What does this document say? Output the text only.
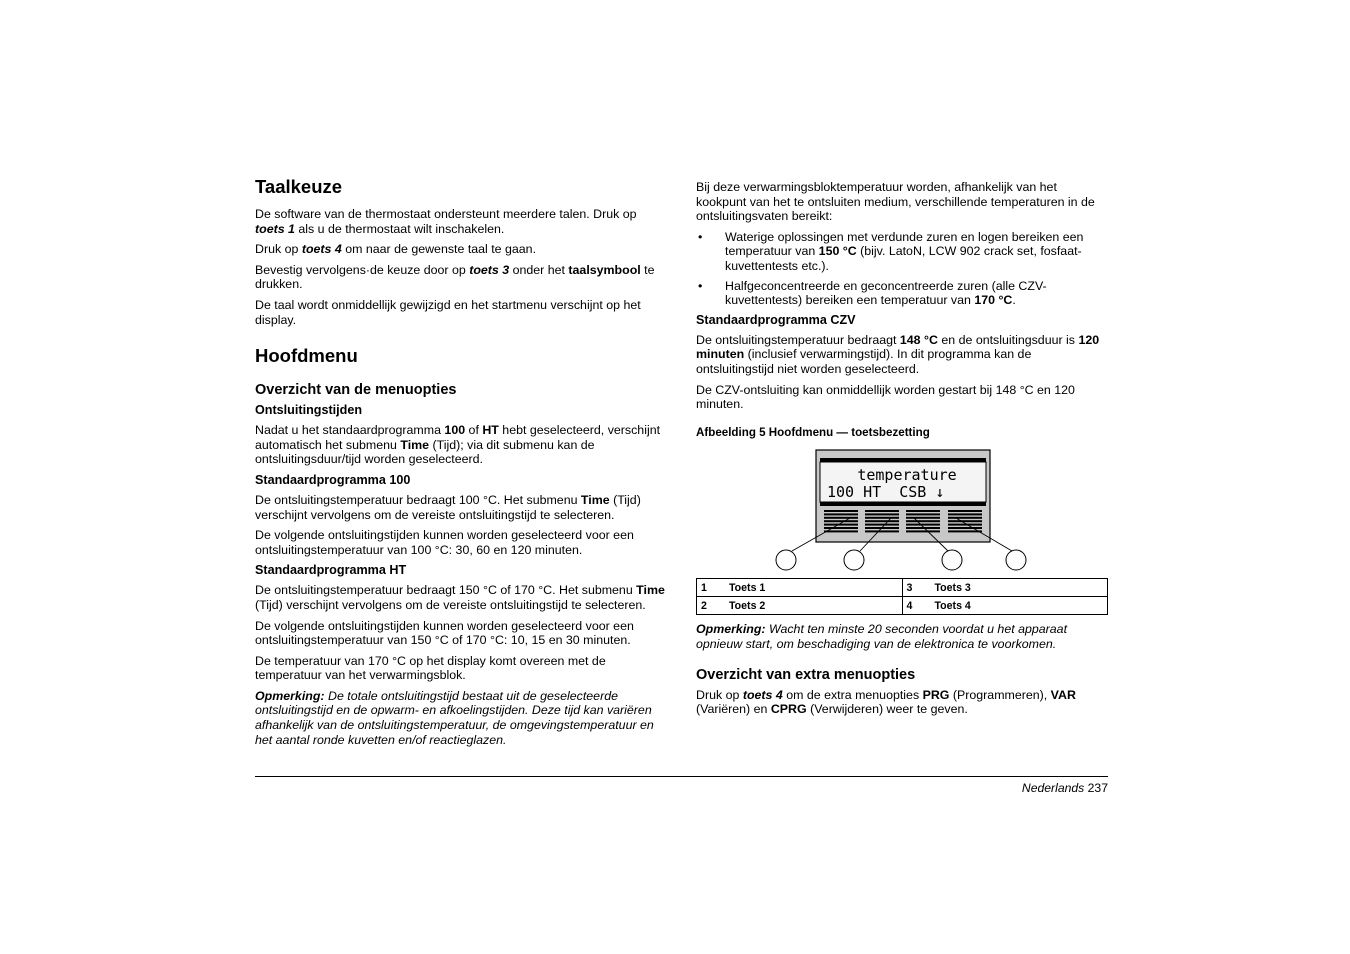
Taalkeuze

De software van de thermostaat ondersteunt meerdere talen. Druk op toets 1 als u de thermostaat wilt inschakelen.

Druk op toets 4 om naar de gewenste taal te gaan.

Bevestig vervolgens·de keuze door op toets 3 onder het taalsymbool te drukken.

De taal wordt onmiddellijk gewijzigd en het startmenu verschijnt op het display.

Hoofdmenu
Overzicht van de menuopties
Ontsluitingstijden

Nadat u het standaardprogramma 100 of HT hebt geselecteerd, verschijnt automatisch het submenu Time (Tijd); via dit submenu kan de ontsluitingsduur/tijd worden geselecteerd.

Standaardprogramma 100

De ontsluitingstemperatuur bedraagt 100 °C. Het submenu Time (Tijd) verschijnt vervolgens om de vereiste ontsluitingstijd te selecteren.

De volgende ontsluitingstijden kunnen worden geselecteerd voor een ontsluitingstemperatuur van 100 °C: 30, 60 en 120 minuten.

Standaardprogramma HT

De ontsluitingstemperatuur bedraagt 150 °C of 170 °C. Het submenu Time (Tijd) verschijnt vervolgens om de vereiste ontsluitingstijd te selecteren.

De volgende ontsluitingstijden kunnen worden geselecteerd voor een ontsluitingstemperatuur van 150 °C of 170 °C: 10, 15 en 30 minuten.

De temperatuur van 170 °C op het display komt overeen met de temperatuur van het verwarmingsblok.

Opmerking: De totale ontsluitingstijd bestaat uit de geselecteerde ontsluitingstijd en de opwarm- en afkoelingstijden. Deze tijd kan variëren afhankelijk van de ontsluitingstemperatuur, de omgevingstemperatuur en het aantal ronde kuvetten en/of reactieglazen.

Bij deze verwarmingsbloktemperatuur worden, afhankelijk van het kookpunt van het te ontsluiten medium, verschillende temperaturen in de ontsluitingsvaten bereikt:

• Waterige oplossingen met verdunde zuren en logen bereiken een temperatuur van 150 °C (bijv. LatoN, LCW 902 crack set, fosfaat-kuvettentests etc.).
• Halfgeconcentreerde en geconcentreerde zuren (alle CZV-kuvettentests) bereiken een temperatuur van 170 °C.
Standaardprogramma CZV

De ontsluitingstemperatuur bedraagt 148 °C en de ontsluitingsduur is 120 minuten (inclusief verwarmingstijd). In dit programma kan de ontsluitingstijd niet worden geselecteerd.

De CZV-ontsluiting kan onmiddellijk worden gestart bij 148 °C en 120 minuten.

Afbeelding 5 Hoofdmenu — toetsbezetting

temperature
100 HT  CSB ↓
1	Toets 1	3	Toets 3
2	Toets 2	4	Toets 4

Opmerking: Wacht ten minste 20 seconden voordat u het apparaat opnieuw start, om beschadiging van de elektronica te voorkomen.

Overzicht van extra menuopties

Druk op toets 4 om de extra menuopties PRG (Programmeren), VAR (Variëren) en CPRG (Verwijderen) weer te geven.

Nederlands 237
